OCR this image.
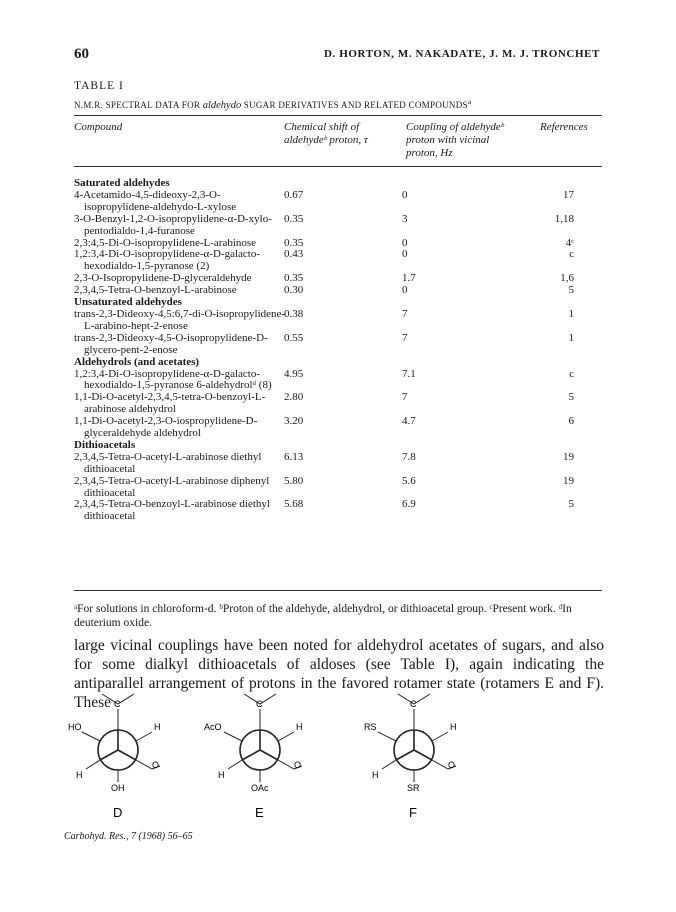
60	D. HORTON, M. NAKADATE, J. M. J. TRONCHET
TABLE I
N.M.R. SPECTRAL DATA FOR aldehydo SUGAR DERIVATIVES AND RELATED COMPOUNDS$^a$
Compound	Chemical shift of
aldehydeᵇ proton, τ
Coupling of aldehydeᵇ
proton with vicinal
proton, Hz
References
Saturated aldehydes
4-Acetamido-4,5-dideoxy-2,3-O-isopropylidene-aldehydo-L-xylose
0.67	0	17
3-O-Benzyl-1,2-O-isopropylidene-α-D-xylo-pentodialdo-1,4-furanose
0.35	3	1,18
2,3:4,5-Di-O-isopropylidene-L-arabinose	0.35	0	4ᶜ
1,2:3,4-Di-O-isopropylidene-α-D-galacto-hexodialdo-1,5-pyranose (2)
0.43	0	c
2,3-O-Isopropylidene-D-glyceraldehyde	0.35	1.7	1,6
2,3,4,5-Tetra-O-benzoyl-L-arabinose	0.30	0	5
Unsaturated aldehydes
trans-2,3-Dideoxy-4,5:6,7-di-O-isopropylidene-L-arabino-hept-2-enose
0.38	7	1
trans-2,3-Dideoxy-4,5-O-isopropylidene-D-glycero-pent-2-enose
0.55	7	1
Aldehydrols (and acetates)
1,2:3,4-Di-O-isopropylidene-α-D-galacto-hexodialdo-1,5-pyranose 6-aldehydrolᵈ (8)
4.95	7.1	c
1,1-Di-O-acetyl-2,3,4,5-tetra-O-benzoyl-L-arabinose aldehydrol
2.80	7	5
1,1-Di-O-acetyl-2,3-O-iospropylidene-D-glyceraldehyde aldehydrol
3.20	4.7	6
Dithioacetals
2,3,4,5-Tetra-O-acetyl-L-arabinose diethyl dithioacetal
6.13	7.8	19
2,3,4,5-Tetra-O-acetyl-L-arabinose diphenyl dithioacetal
5.80	5.6	19
2,3,4,5-Tetra-O-benzoyl-L-arabinose diethyl dithioacetal
5.68	6.9	5
ᵃFor solutions in chloroform-d. ᵇProton of the aldehyde, aldehydrol, or dithioacetal group. ᶜPresent work. ᵈIn deuterium oxide.
large vicinal couplings have been noted for aldehydrol acetates of sugars, and also for some dialkyl dithioacetals of aldoses (see Table I), again indicating the antiparallel arrangement of protons in the favored rotamer state (rotamers E and F). These C
HO	H
H
O
OH
D
C
AcO	H
H
O
OAc
E
C
RS	H
H
O
SR
F
Carbohyd. Res., 7 (1968) 56–65
